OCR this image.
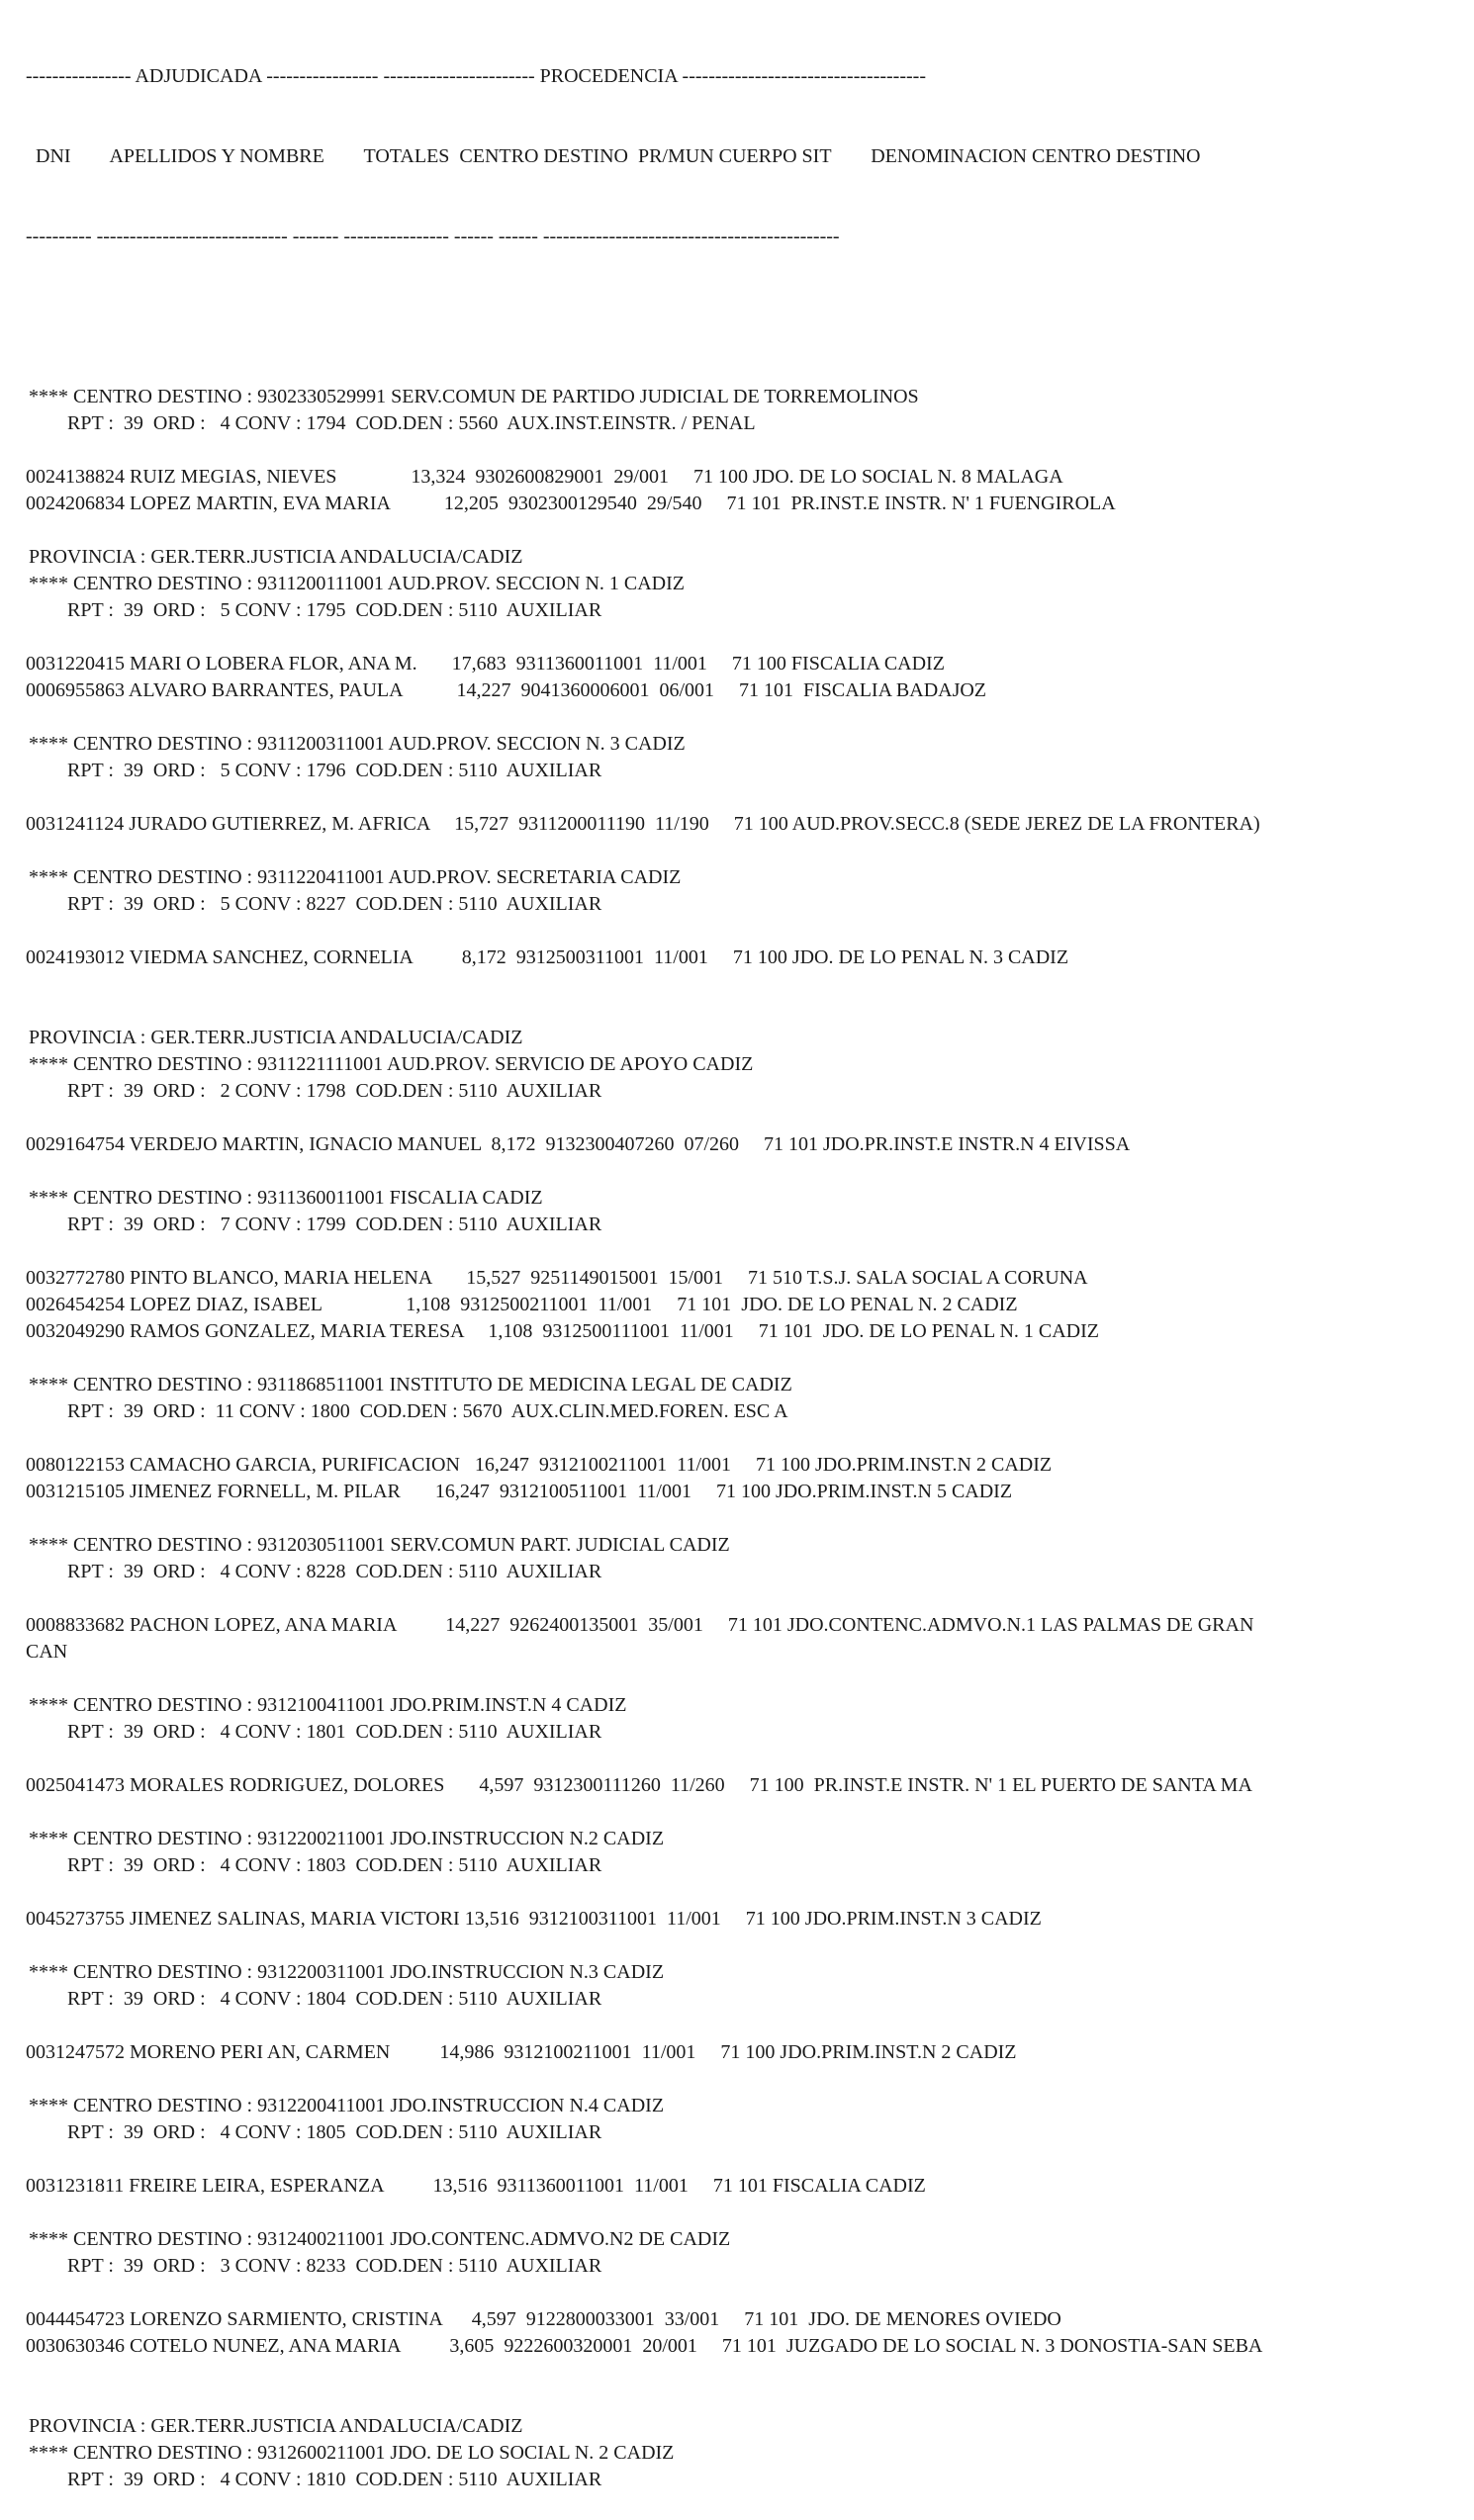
---------------- ADJUDICADA ----------------- ----------------------- PROCEDENCIA -------------------------------------

DNI        APELLIDOS Y NOMBRE        TOTALES  CENTRO DESTINO  PR/MUN CUERPO SIT        DENOMINACION CENTRO DESTINO

---------- ----------------------------- ------- ---------------- ------ ------ ---------------------------------------------

**** CENTRO DESTINO : 9302330529991 SERV.COMUN DE PARTIDO JUDICIAL DE TORREMOLINOS
RPT :  39  ORD :   4 CONV : 1794  COD.DEN : 5560  AUX.INST.EINSTR. / PENAL
0024138824 RUIZ MEGIAS, NIEVES               13,324  9302600829001  29/001     71 100 JDO. DE LO SOCIAL N. 8 MALAGA
0024206834 LOPEZ MARTIN, EVA MARIA           12,205  9302300129540  29/540     71 101  PR.INST.E INSTR. N' 1 FUENGIROLA
PROVINCIA : GER.TERR.JUSTICIA ANDALUCIA/CADIZ
**** CENTRO DESTINO : 9311200111001 AUD.PROV. SECCION N. 1 CADIZ
RPT :  39  ORD :   5 CONV : 1795  COD.DEN : 5110  AUXILIAR
0031220415 MARI O LOBERA FLOR, ANA M.       17,683  9311360011001  11/001     71 100 FISCALIA CADIZ
0006955863 ALVARO BARRANTES, PAULA           14,227  9041360006001  06/001     71 101  FISCALIA BADAJOZ
**** CENTRO DESTINO : 9311200311001 AUD.PROV. SECCION N. 3 CADIZ
RPT :  39  ORD :   5 CONV : 1796  COD.DEN : 5110  AUXILIAR
0031241124 JURADO GUTIERREZ, M. AFRICA     15,727  9311200011190  11/190     71 100 AUD.PROV.SECC.8 (SEDE JEREZ DE LA FRONTERA)
**** CENTRO DESTINO : 9311220411001 AUD.PROV. SECRETARIA CADIZ
RPT :  39  ORD :   5 CONV : 8227  COD.DEN : 5110  AUXILIAR
0024193012 VIEDMA SANCHEZ, CORNELIA          8,172  9312500311001  11/001     71 100 JDO. DE LO PENAL N. 3 CADIZ
PROVINCIA : GER.TERR.JUSTICIA ANDALUCIA/CADIZ
**** CENTRO DESTINO : 9311221111001 AUD.PROV. SERVICIO DE APOYO CADIZ
RPT :  39  ORD :   2 CONV : 1798  COD.DEN : 5110  AUXILIAR
0029164754 VERDEJO MARTIN, IGNACIO MANUEL  8,172  9132300407260  07/260     71 101 JDO.PR.INST.E INSTR.N 4 EIVISSA
**** CENTRO DESTINO : 9311360011001 FISCALIA CADIZ
RPT :  39  ORD :   7 CONV : 1799  COD.DEN : 5110  AUXILIAR
0032772780 PINTO BLANCO, MARIA HELENA       15,527  9251149015001  15/001     71 510 T.S.J. SALA SOCIAL A CORUNA
0026454254 LOPEZ DIAZ, ISABEL                 1,108  9312500211001  11/001     71 101  JDO. DE LO PENAL N. 2 CADIZ
0032049290 RAMOS GONZALEZ, MARIA TERESA     1,108  9312500111001  11/001     71 101  JDO. DE LO PENAL N. 1 CADIZ
**** CENTRO DESTINO : 9311868511001 INSTITUTO DE MEDICINA LEGAL DE CADIZ
RPT :  39  ORD :  11 CONV : 1800  COD.DEN : 5670  AUX.CLIN.MED.FOREN. ESC A
0080122153 CAMACHO GARCIA, PURIFICACION   16,247  9312100211001  11/001     71 100 JDO.PRIM.INST.N 2 CADIZ
0031215105 JIMENEZ FORNELL, M. PILAR       16,247  9312100511001  11/001     71 100 JDO.PRIM.INST.N 5 CADIZ
**** CENTRO DESTINO : 9312030511001 SERV.COMUN PART. JUDICIAL CADIZ
RPT :  39  ORD :   4 CONV : 8228  COD.DEN : 5110  AUXILIAR
0008833682 PACHON LOPEZ, ANA MARIA          14,227  9262400135001  35/001     71 101 JDO.CONTENC.ADMVO.N.1 LAS PALMAS DE GRAN
CAN
**** CENTRO DESTINO : 9312100411001 JDO.PRIM.INST.N 4 CADIZ
RPT :  39  ORD :   4 CONV : 1801  COD.DEN : 5110  AUXILIAR
0025041473 MORALES RODRIGUEZ, DOLORES       4,597  9312300111260  11/260     71 100  PR.INST.E INSTR. N' 1 EL PUERTO DE SANTA MA
**** CENTRO DESTINO : 9312200211001 JDO.INSTRUCCION N.2 CADIZ
RPT :  39  ORD :   4 CONV : 1803  COD.DEN : 5110  AUXILIAR
0045273755 JIMENEZ SALINAS, MARIA VICTORI 13,516  9312100311001  11/001     71 100 JDO.PRIM.INST.N 3 CADIZ
**** CENTRO DESTINO : 9312200311001 JDO.INSTRUCCION N.3 CADIZ
RPT :  39  ORD :   4 CONV : 1804  COD.DEN : 5110  AUXILIAR
0031247572 MORENO PERI AN, CARMEN          14,986  9312100211001  11/001     71 100 JDO.PRIM.INST.N 2 CADIZ
**** CENTRO DESTINO : 9312200411001 JDO.INSTRUCCION N.4 CADIZ
RPT :  39  ORD :   4 CONV : 1805  COD.DEN : 5110  AUXILIAR
0031231811 FREIRE LEIRA, ESPERANZA          13,516  9311360011001  11/001     71 101 FISCALIA CADIZ
**** CENTRO DESTINO : 9312400211001 JDO.CONTENC.ADMVO.N2 DE CADIZ
RPT :  39  ORD :   3 CONV : 8233  COD.DEN : 5110  AUXILIAR
0044454723 LORENZO SARMIENTO, CRISTINA      4,597  9122800033001  33/001     71 101  JDO. DE MENORES OVIEDO
0030630346 COTELO NUNEZ, ANA MARIA          3,605  9222600320001  20/001     71 101  JUZGADO DE LO SOCIAL N. 3 DONOSTIA-SAN SEBA
PROVINCIA : GER.TERR.JUSTICIA ANDALUCIA/CADIZ
**** CENTRO DESTINO : 9312600211001 JDO. DE LO SOCIAL N. 2 CADIZ
RPT :  39  ORD :   4 CONV : 1810  COD.DEN : 5110  AUXILIAR
